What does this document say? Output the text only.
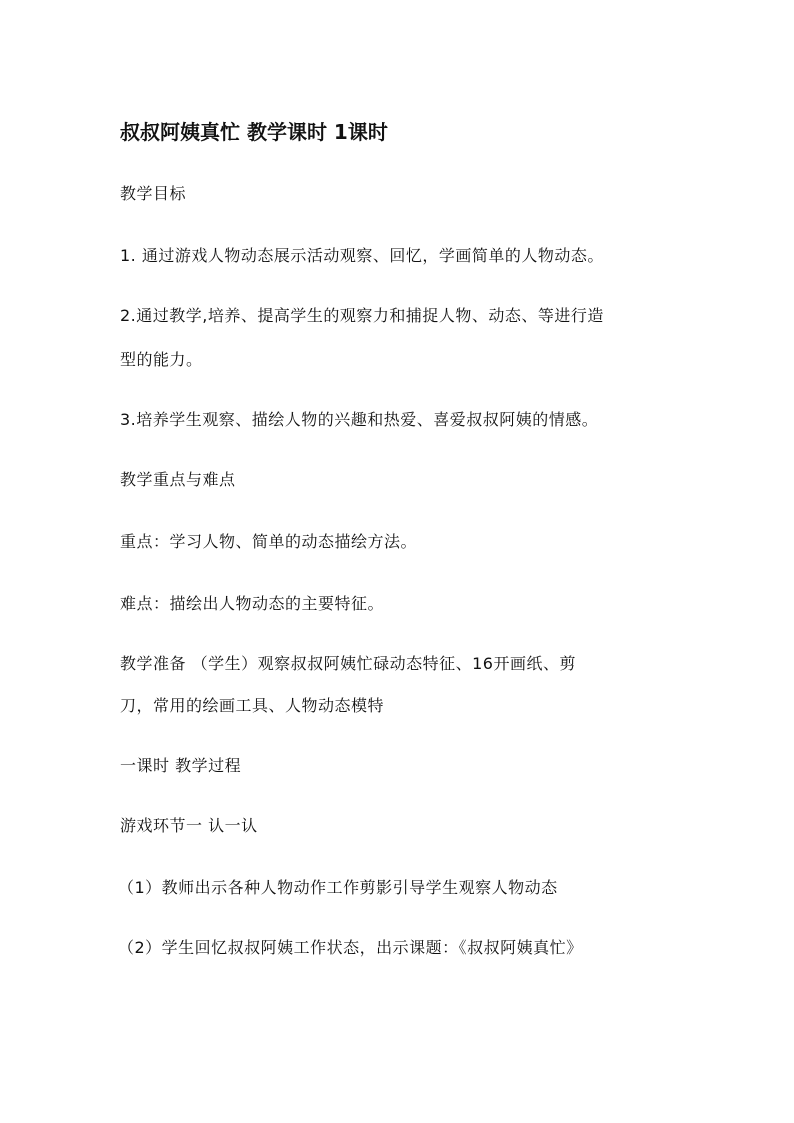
叔叔阿姨真忙 教学课时 1课时
教学目标
1. 通过游戏人物动态展示活动观察、回忆，学画简单的人物动态。
2.通过教学,培养、提高学生的观察力和捕捉人物、动态、等进行造
型的能力。
3.培养学生观察、描绘人物的兴趣和热爱、喜爱叔叔阿姨的情感。
教学重点与难点
重点：学习人物、简单的动态描绘方法。
难点：描绘出人物动态的主要特征。
教学准备 （学生）观察叔叔阿姨忙碌动态特征、16开画纸、剪
刀，常用的绘画工具、人物动态模特
一课时 教学过程
游戏环节一 认一认
（1）教师出示各种人物动作工作剪影引导学生观察人物动态
（2）学生回忆叔叔阿姨工作状态，出示课题：《叔叔阿姨真忙》
